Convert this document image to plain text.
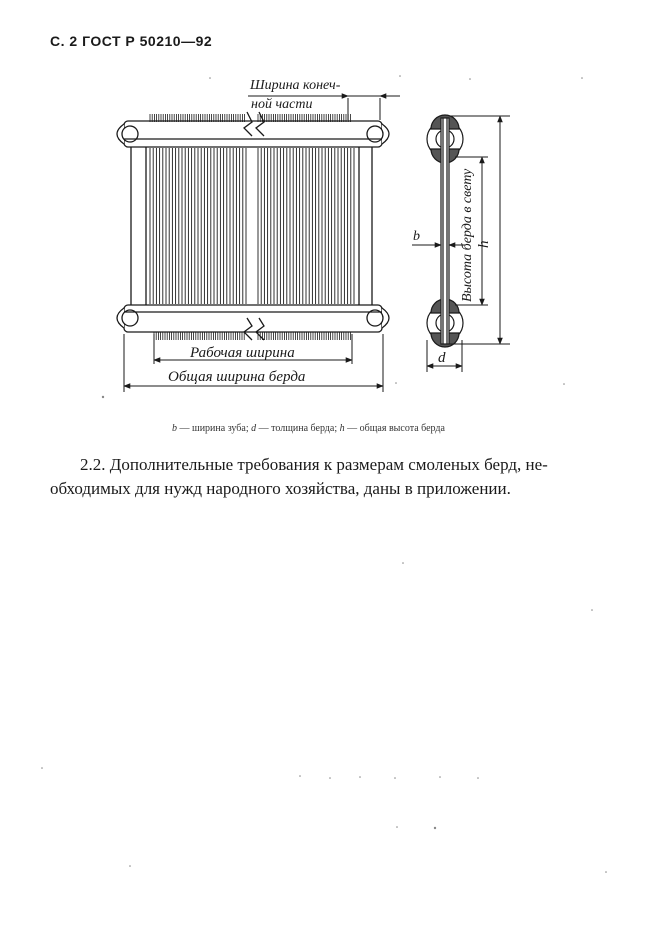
С. 2 ГОСТ Р 50210—92
Ширина конеч-
ной части
Рабочая ширина
Общая ширина берда
h
Высота берда в свету
b
d
b — ширина зуба; d — толщина берда; h — общая высота берда
2.2. Дополнительные требования к размерам смоленых берд, не-
обходимых для нужд народного хозяйства, даны в приложении.
